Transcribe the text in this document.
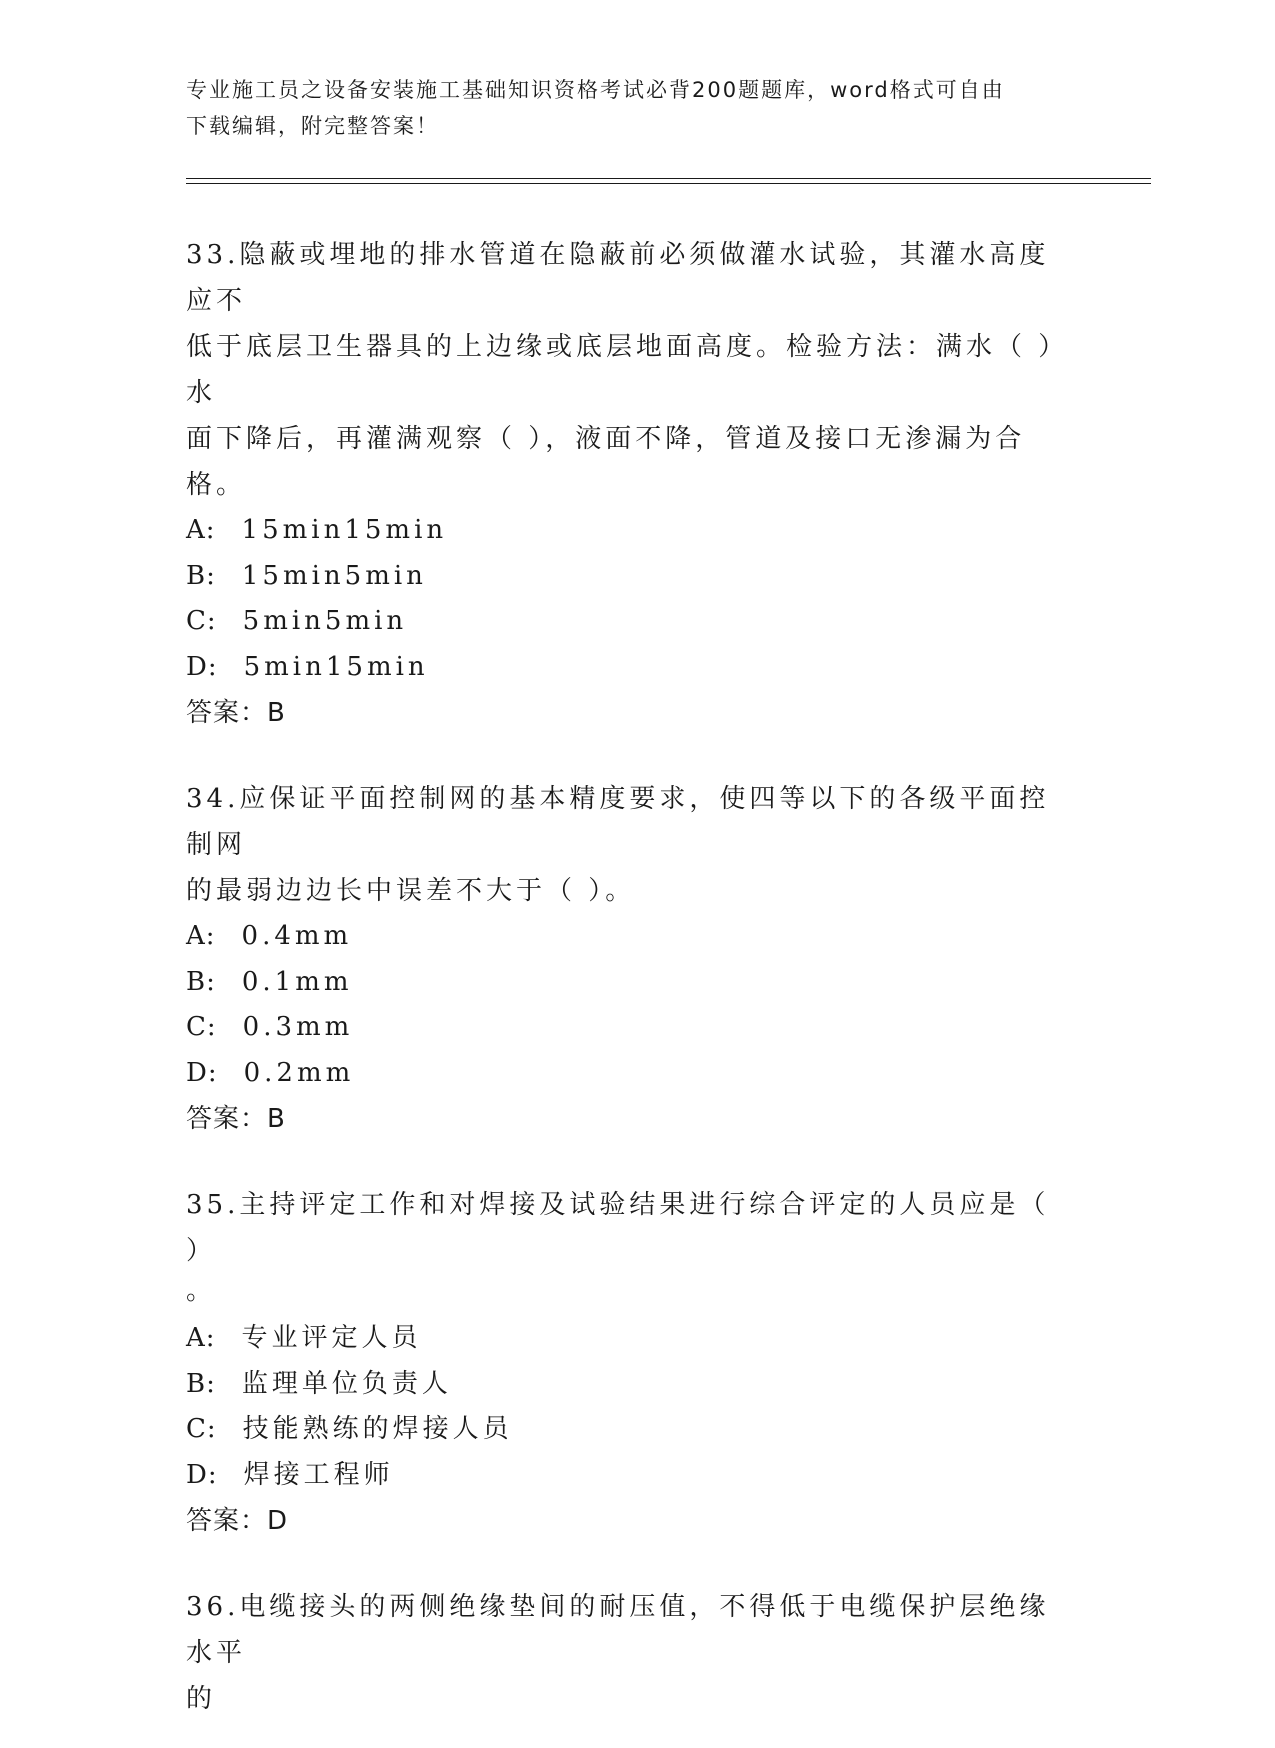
专业施工员之设备安装施工基础知识资格考试必背200题题库，word格式可自由
下载编辑，附完整答案！
33.隐蔽或埋地的排水管道在隐蔽前必须做灌水试验，其灌水高度应不
低于底层卫生器具的上边缘或底层地面高度。检验方法：满水（ ）水
面下降后，再灌满观察（ ），液面不降，管道及接口无渗漏为合格。
A: 15min15min
B: 15min5min
C: 5min5min
D: 5min15min
答案：B
34.应保证平面控制网的基本精度要求，使四等以下的各级平面控制网
的最弱边边长中误差不大于（ ）。
A: 0.4mm
B: 0.1mm
C: 0.3mm
D: 0.2mm
答案：B
35.主持评定工作和对焊接及试验结果进行综合评定的人员应是（ ）
。
A: 专业评定人员
B: 监理单位负责人
C: 技能熟练的焊接人员
D: 焊接工程师
答案：D
36.电缆接头的两侧绝缘垫间的耐压值，不得低于电缆保护层绝缘水平
的
